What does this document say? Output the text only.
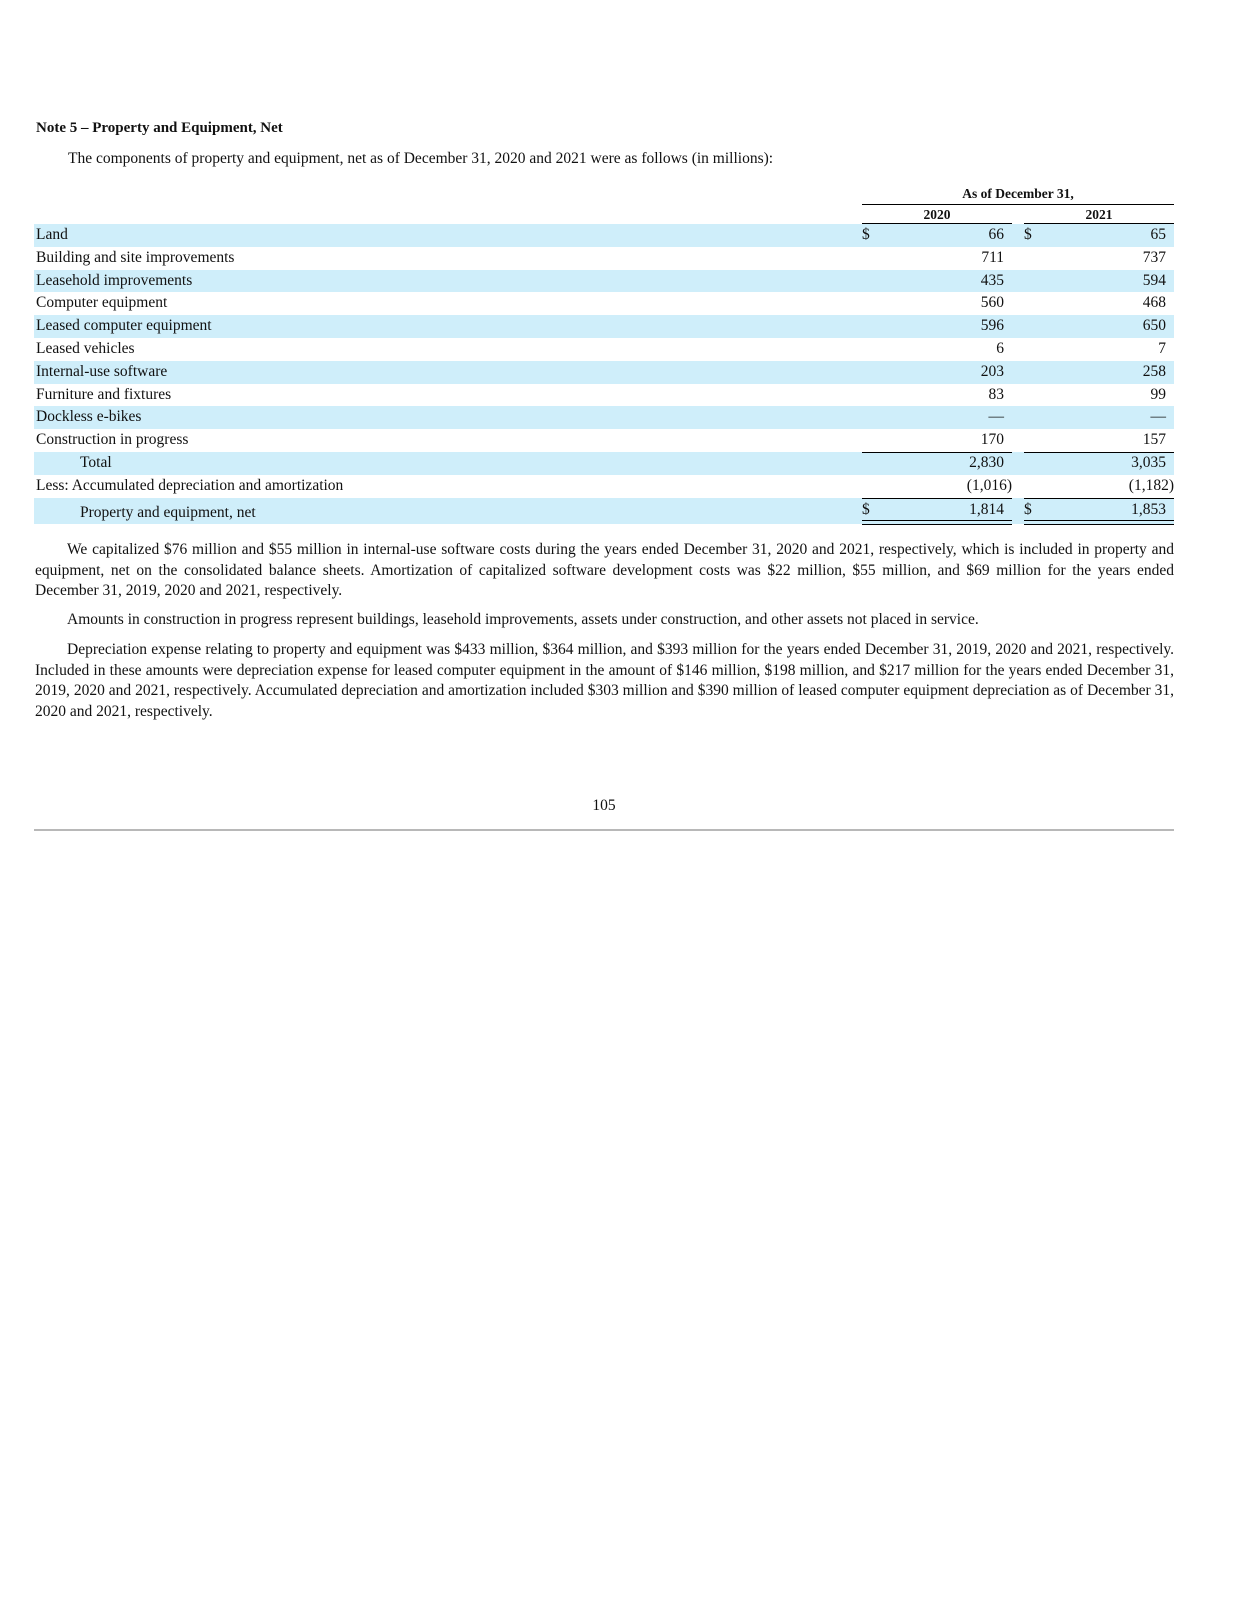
Note 5 – Property and Equipment, Net
The components of property and equipment, net as of December 31, 2020 and 2021 were as follows (in millions):
As of December 31,
2020	2021
Land	$	66 $	65
Building and site improvements	711	737
Leasehold improvements	435	594
Computer equipment	560	468
Leased computer equipment	596	650
Leased vehicles	6	7
Internal-use software	203	258
Furniture and fixtures	83	99
Dockless e-bikes	—	—
Construction in progress	170	157
Total	2,830	3,035
Less: Accumulated depreciation and amortization	(1,016)	(1,182)
Property and equipment, net	$	1,814 $	1,853

We capitalized $76 million and $55 million in internal-use software costs during the years ended December 31, 2020 and 2021, respectively, which is included in property and equipment, net on the consolidated balance sheets. Amortization of capitalized software development costs was $22 million, $55 million, and $69 million for the years ended December 31, 2019, 2020 and 2021, respectively.

Amounts in construction in progress represent buildings, leasehold improvements, assets under construction, and other assets not placed in service.

Depreciation expense relating to property and equipment was $433 million, $364 million, and $393 million for the years ended December 31, 2019, 2020 and 2021, respectively. Included in these amounts were depreciation expense for leased computer equipment in the amount of $146 million, $198 million, and $217 million for the years ended December 31, 2019, 2020 and 2021, respectively. Accumulated depreciation and amortization included $303 million and $390 million of leased computer equipment depreciation as of December 31, 2020 and 2021, respectively.

105
